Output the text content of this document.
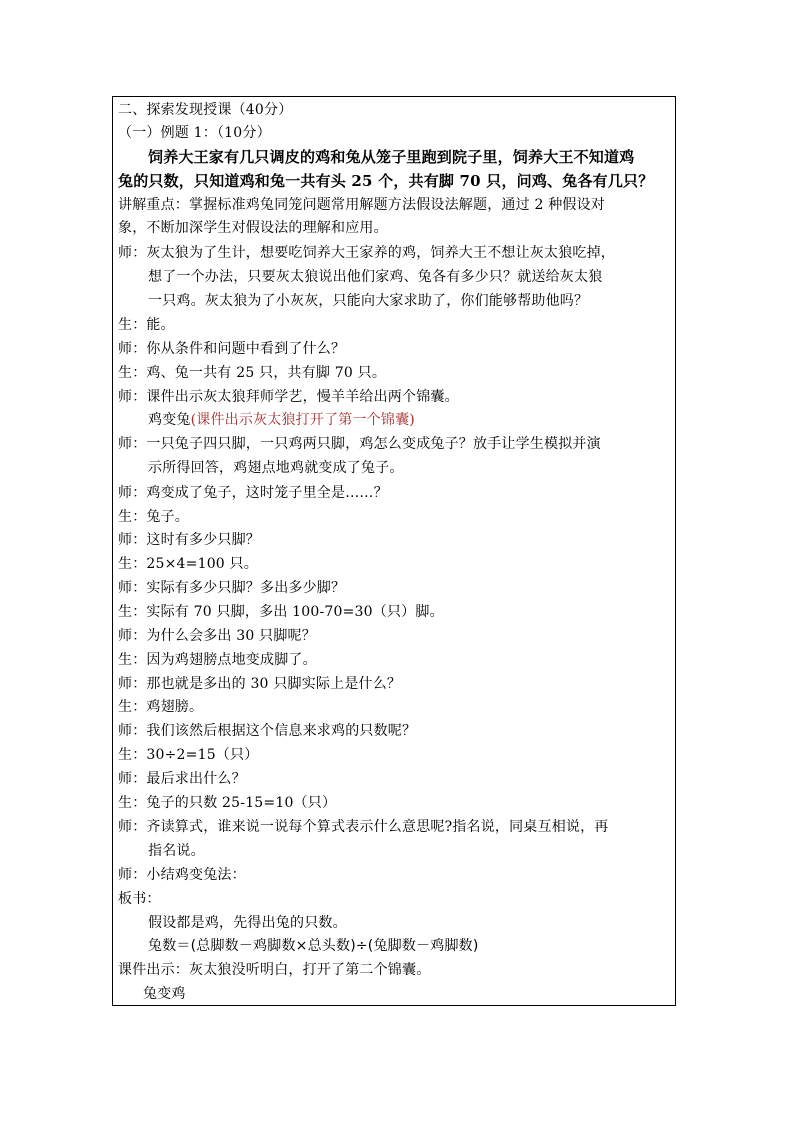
二、探索发现授课（40分）
（一）例题 1：（10分）
饲养大王家有几只调皮的鸡和兔从笼子里跑到院子里，饲养大王不知道鸡
兔的只数，只知道鸡和兔一共有头 25 个，共有脚 70 只，问鸡、兔各有几只？
讲解重点：掌握标准鸡兔同笼问题常用解题方法假设法解题，通过 2 种假设对
象，不断加深学生对假设法的理解和应用。
师：灰太狼为了生计，想要吃饲养大王家养的鸡，饲养大王不想让灰太狼吃掉，
想了一个办法，只要灰太狼说出他们家鸡、兔各有多少只？就送给灰太狼
一只鸡。灰太狼为了小灰灰，只能向大家求助了，你们能够帮助他吗？
生：能。
师：你从条件和问题中看到了什么？
生：鸡、兔一共有 25 只，共有脚 70 只。
师：课件出示灰太狼拜师学艺，慢羊羊给出两个锦囊。
鸡变兔(课件出示灰太狼打开了第一个锦囊)
师：一只兔子四只脚，一只鸡两只脚，鸡怎么变成兔子？放手让学生模拟并演
示所得回答，鸡翅点地鸡就变成了兔子。
师：鸡变成了兔子，这时笼子里全是……？
生：兔子。
师：这时有多少只脚？
生：25×4=100 只。
师：实际有多少只脚？多出多少脚？
生：实际有 70 只脚，多出 100-70=30（只）脚。
师：为什么会多出 30 只脚呢？
生：因为鸡翅膀点地变成脚了。
师：那也就是多出的 30 只脚实际上是什么？
生：鸡翅膀。
师：我们该然后根据这个信息来求鸡的只数呢？
生：30÷2=15（只）
师：最后求出什么？
生：兔子的只数 25-15=10（只）
师：齐读算式，谁来说一说每个算式表示什么意思呢?指名说，同桌互相说，再
指名说。
师：小结鸡变兔法：
板书：
假设都是鸡，先得出兔的只数。
兔数＝(总脚数－鸡脚数×总头数)÷(兔脚数－鸡脚数)
课件出示：灰太狼没听明白，打开了第二个锦囊。
兔变鸡
